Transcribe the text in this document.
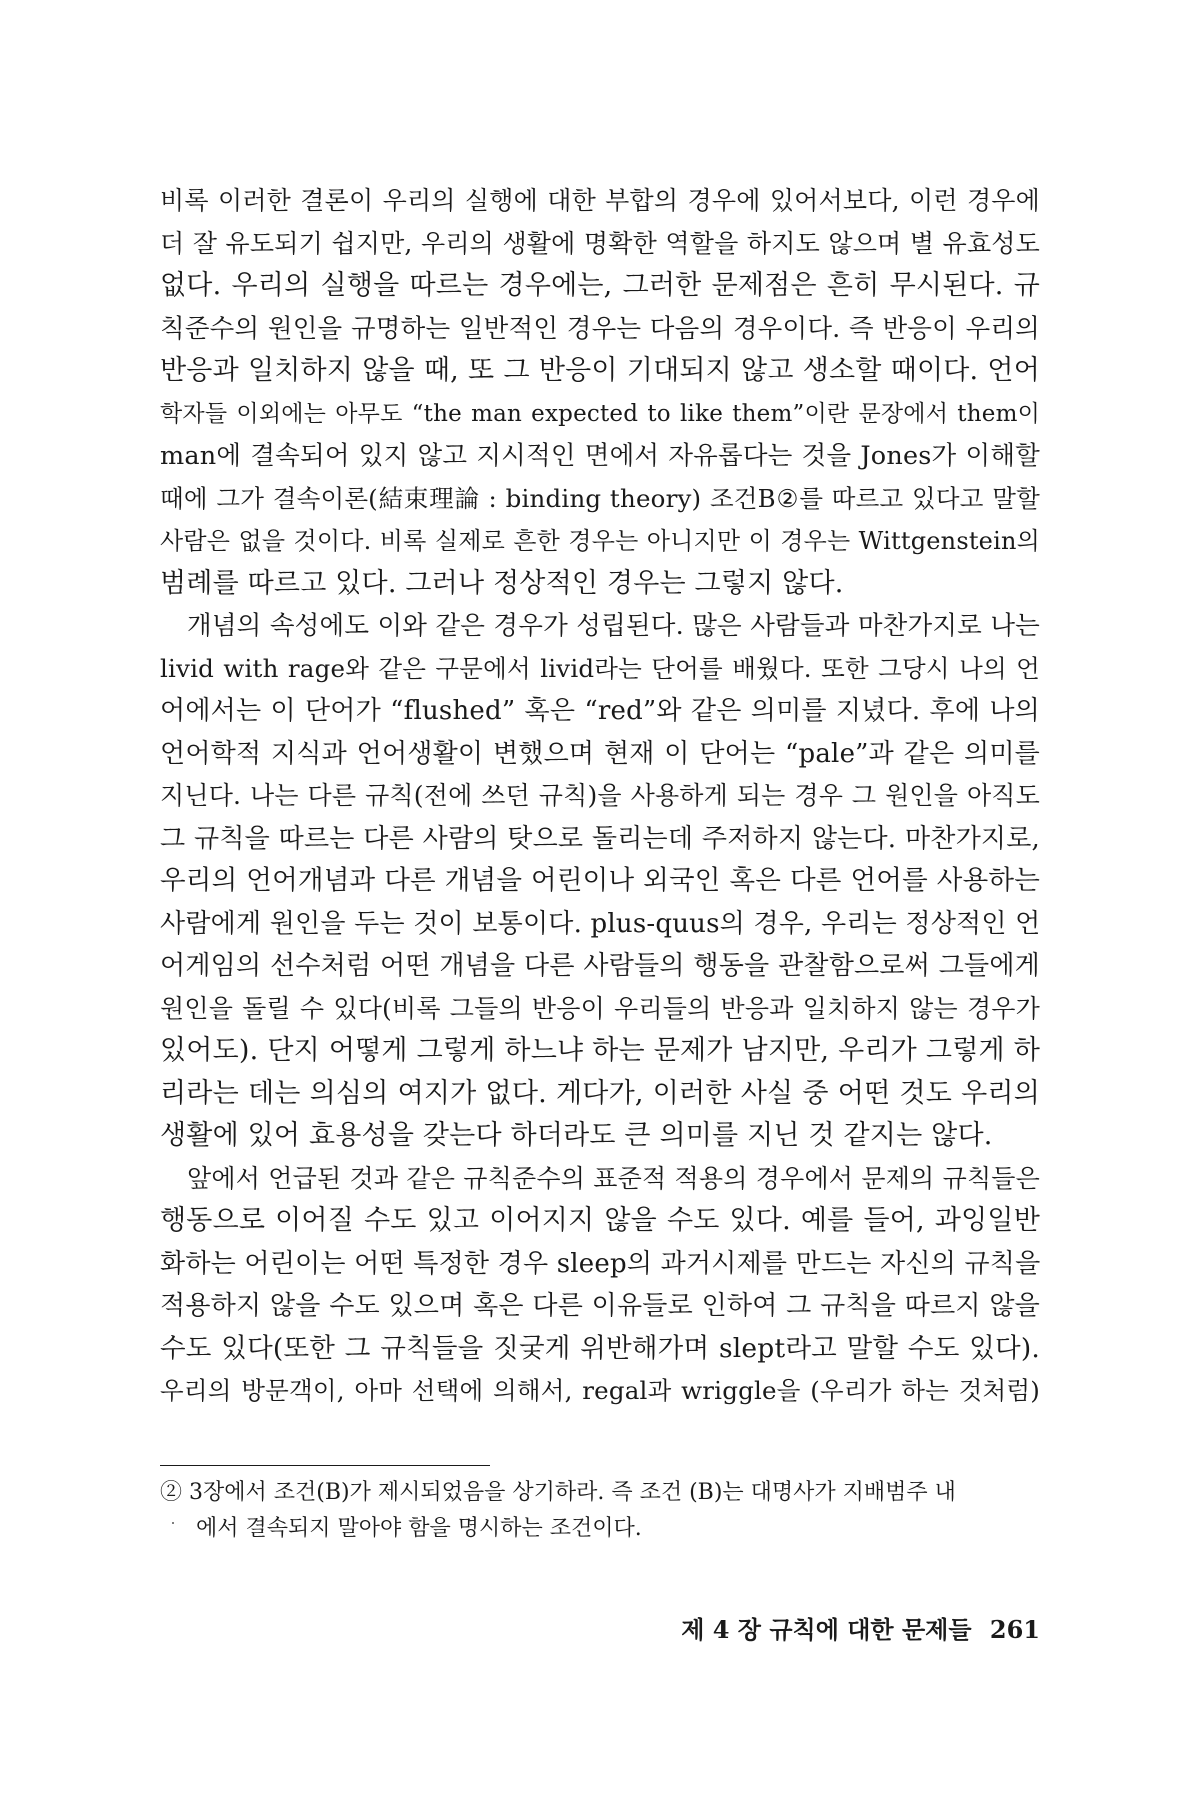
비록 이러한 결론이 우리의 실행에 대한 부합의 경우에 있어서보다, 이런 경우에
더 잘 유도되기 쉽지만, 우리의 생활에 명확한 역할을 하지도 않으며 별 유효성도
없다. 우리의 실행을 따르는 경우에는, 그러한 문제점은 흔히 무시된다. 규
칙준수의 원인을 규명하는 일반적인 경우는 다음의 경우이다. 즉 반응이 우리의
반응과 일치하지 않을 때, 또 그 반응이 기대되지 않고 생소할 때이다. 언어
학자들 이외에는 아무도 “the man expected to like them”이란 문장에서 them이
man에 결속되어 있지 않고 지시적인 면에서 자유롭다는 것을 Jones가 이해할
때에 그가 결속이론(結束理論 : binding theory) 조건B②를 따르고 있다고 말할
사람은 없을 것이다. 비록 실제로 흔한 경우는 아니지만 이 경우는 Wittgenstein의
범례를 따르고 있다. 그러나 정상적인 경우는 그렇지 않다.

개념의 속성에도 이와 같은 경우가 성립된다. 많은 사람들과 마찬가지로 나는
livid with rage와 같은 구문에서 livid라는 단어를 배웠다. 또한 그당시 나의 언
어에서는 이 단어가 “flushed” 혹은 “red”와 같은 의미를 지녔다. 후에 나의
언어학적 지식과 언어생활이 변했으며 현재 이 단어는 “pale”과 같은 의미를
지닌다. 나는 다른 규칙(전에 쓰던 규칙)을 사용하게 되는 경우 그 원인을 아직도
그 규칙을 따르는 다른 사람의 탓으로 돌리는데 주저하지 않는다. 마찬가지로,
우리의 언어개념과 다른 개념을 어린이나 외국인 혹은 다른 언어를 사용하는
사람에게 원인을 두는 것이 보통이다. plus-quus의 경우, 우리는 정상적인 언
어게임의 선수처럼 어떤 개념을 다른 사람들의 행동을 관찰함으로써 그들에게
원인을 돌릴 수 있다(비록 그들의 반응이 우리들의 반응과 일치하지 않는 경우가
있어도). 단지 어떻게 그렇게 하느냐 하는 문제가 남지만, 우리가 그렇게 하
리라는 데는 의심의 여지가 없다. 게다가, 이러한 사실 중 어떤 것도 우리의
생활에 있어 효용성을 갖는다 하더라도 큰 의미를 지닌 것 같지는 않다.

앞에서 언급된 것과 같은 규칙준수의 표준적 적용의 경우에서 문제의 규칙들은
행동으로 이어질 수도 있고 이어지지 않을 수도 있다. 예를 들어, 과잉일반
화하는 어린이는 어떤 특정한 경우 sleep의 과거시제를 만드는 자신의 규칙을
적용하지 않을 수도 있으며 혹은 다른 이유들로 인하여 그 규칙을 따르지 않을
수도 있다(또한 그 규칙들을 짓궂게 위반해가며 slept라고 말할 수도 있다).
우리의 방문객이, 아마 선택에 의해서, regal과 wriggle을 (우리가 하는 것처럼)

② 3장에서 조건(B)가 제시되었음을 상기하라. 즉 조건 (B)는 대명사가 지배범주 내
에서 결속되지 말아야 함을 명시하는 조건이다.
제 4 장 규칙에 대한 문제들 261
